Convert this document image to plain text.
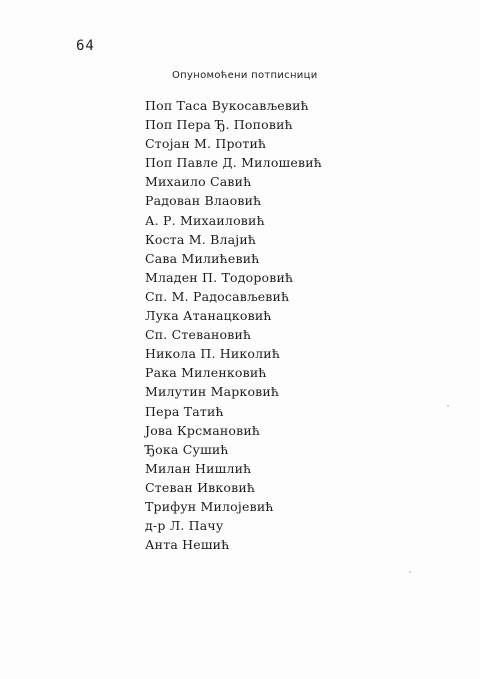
64
Опуномоћени потписници
Поп Таса Вукосављевић
Поп Пера Ђ. Поповић
Стојан М. Протић
Поп Павле Д. Милошевић
Михаило Савић
Радован Влаовић
А. Р. Михаиловић
Коста М. Влајић
Сава Милићевић
Младен П. Тодоровић
Сп. М. Радосављевић
Лука Атанацковић
Сп. Стевановић
Никола П. Николић
Рака Миленковић
Милутин Марковић
Пера Татић
Јова Крсмановић
Ђока Сушић
Милан Нишлић
Стеван Ивковић
Трифун Милојевић
д-р Л. Пачу
Анта Нешић
